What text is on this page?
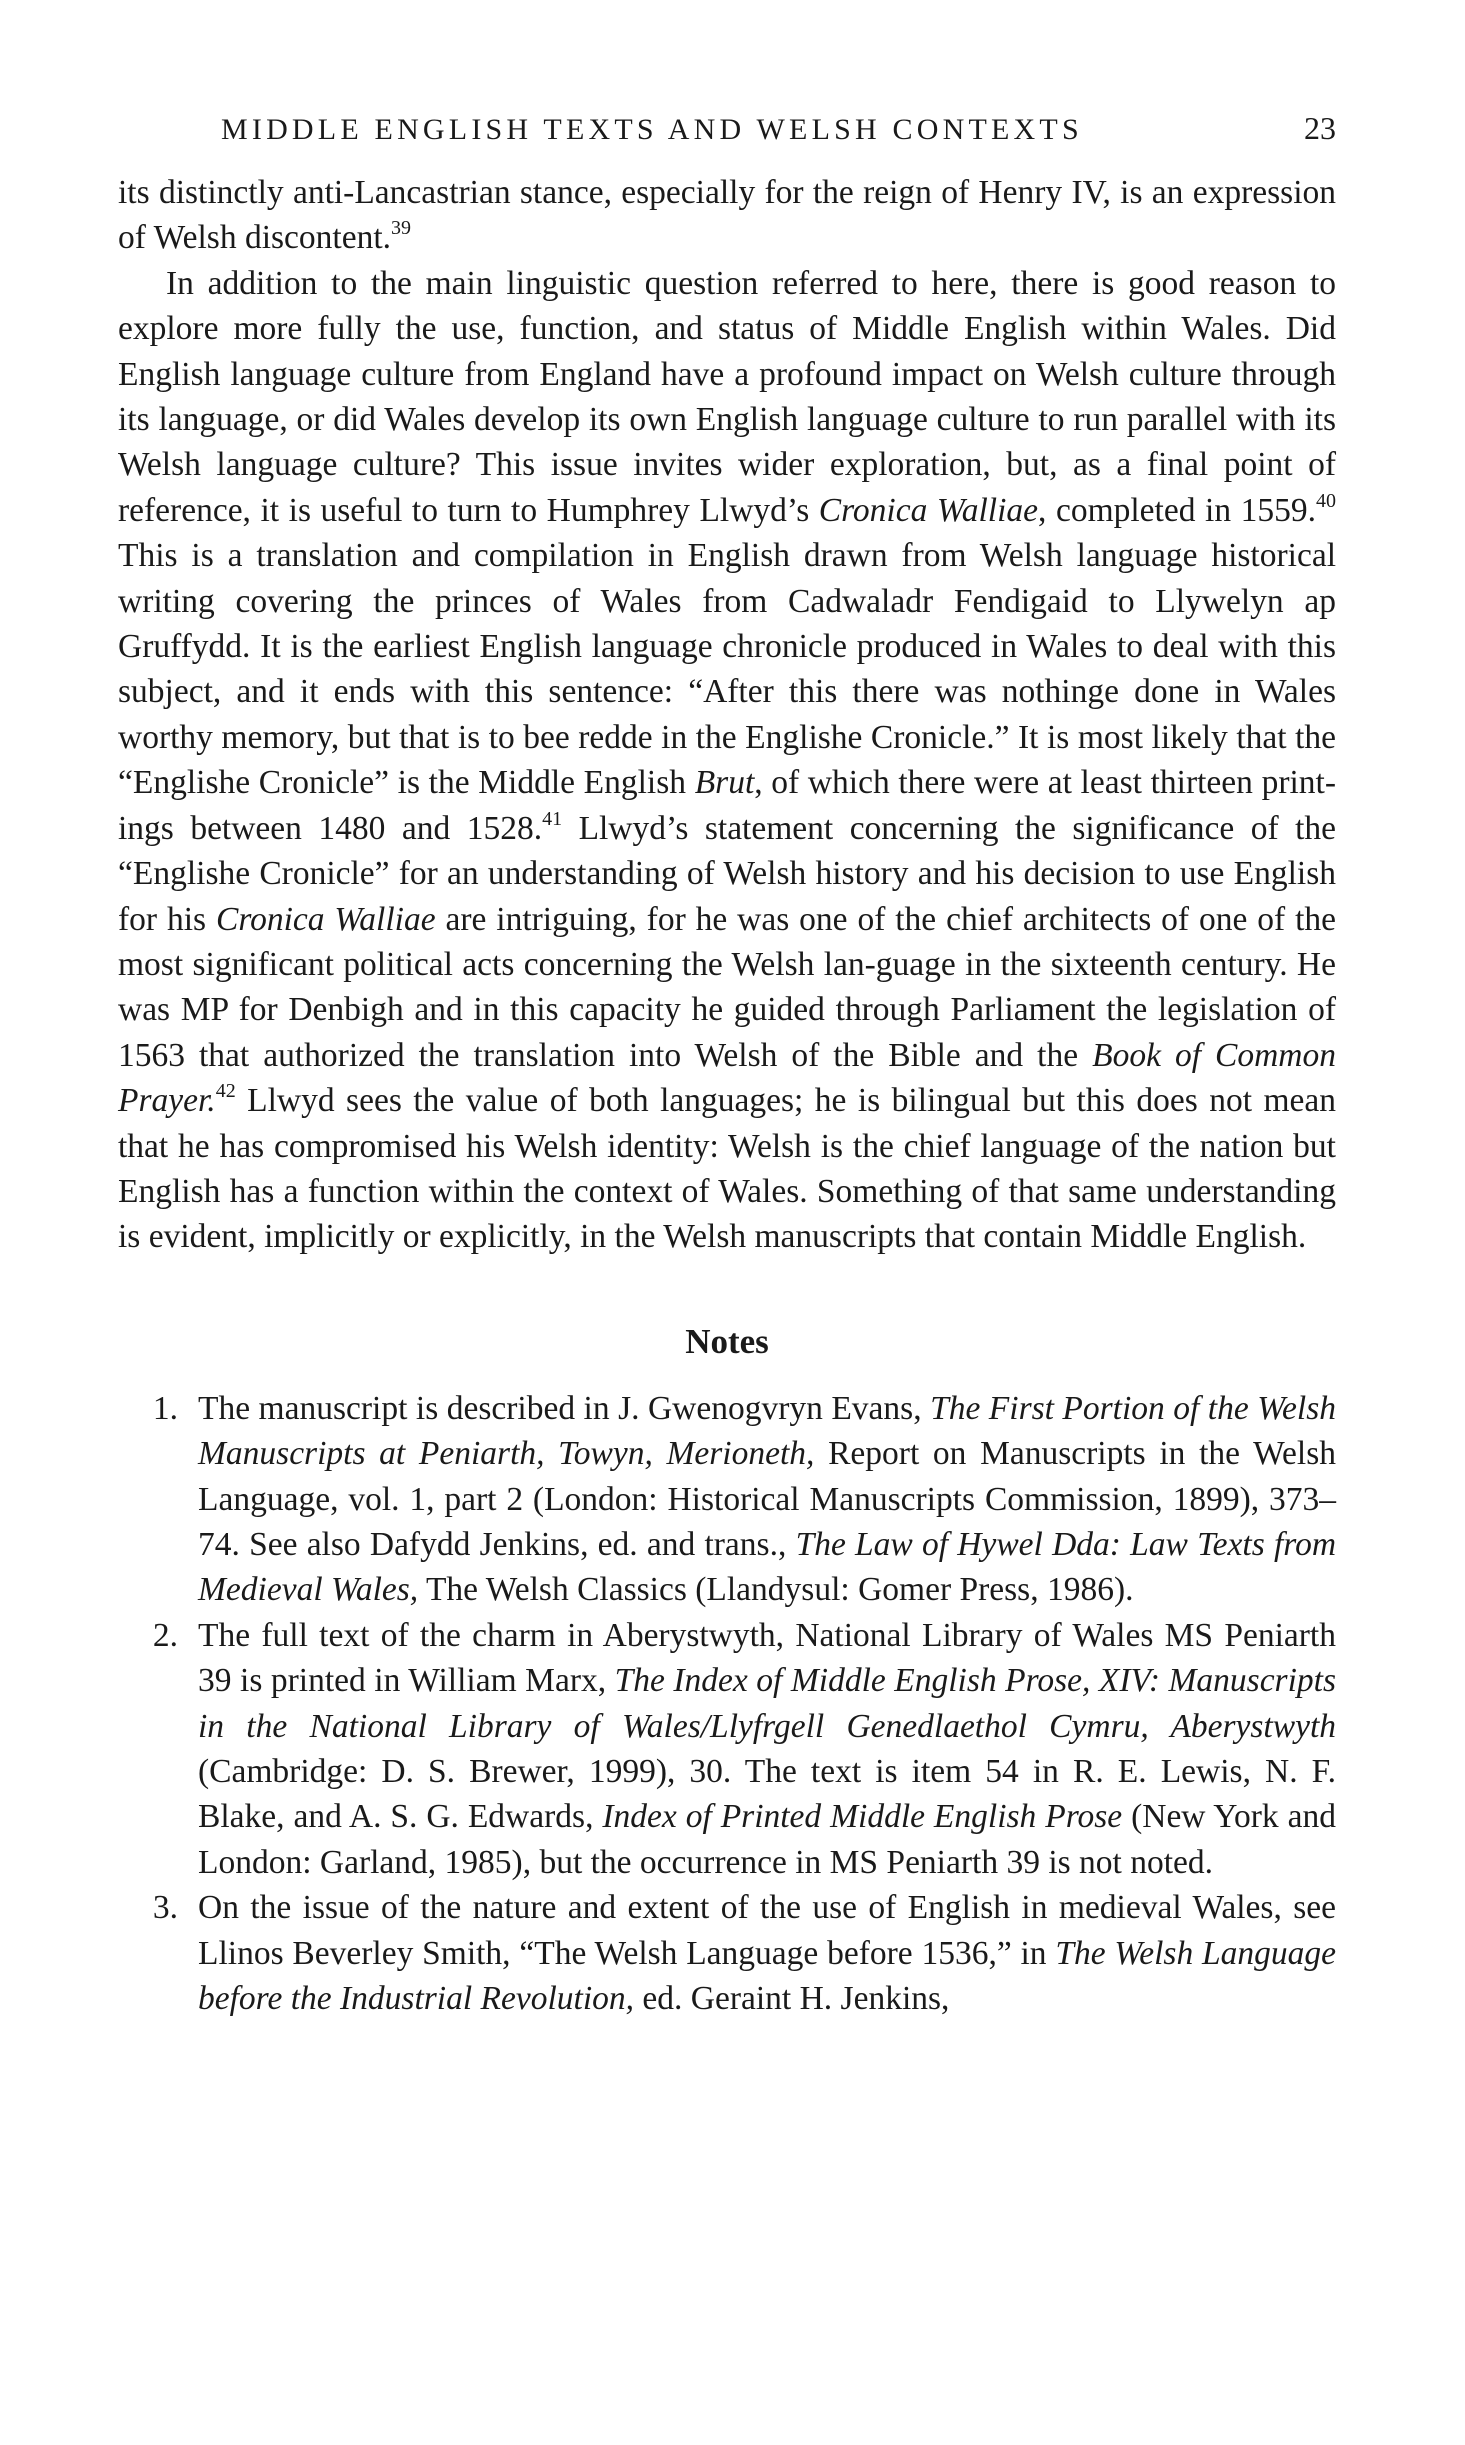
MIDDLE ENGLISH TEXTS AND WELSH CONTEXTS	23

its distinctly anti-Lancastrian stance, especially for the reign of Henry IV, is an expression of Welsh discontent.$^{39}$

In addition to the main linguistic question referred to here, there is good reason to explore more fully the use, function, and status of Middle English within Wales. Did English language culture from England have a profound impact on Welsh culture through its language, or did Wales develop its own English language culture to run parallel with its Welsh language culture? This issue invites wider exploration, but, as a final point of reference, it is useful to turn to Humphrey Llwyd’s Cronica Walliae, completed in 1559.40 This is a translation and compilation in English drawn from Welsh language historical writing covering the princes of Wales from Cadwaladr Fendigaid to Llywelyn ap Gruffydd. It is the earliest English language chronicle produced in Wales to deal with this subject, and it ends with this sentence: “After this there was nothinge done in Wales worthy memory, but that is to bee redde in the Englishe Cronicle.” It is most likely that the “Englishe Cronicle” is the Middle English Brut, of which there were at least thirteen print-ings between 1480 and 1528.41 Llwyd’s statement concerning the significance of the “Englishe Cronicle” for an understanding of Welsh history and his decision to use English for his Cronica Walliae are intriguing, for he was one of the chief architects of one of the most significant political acts concerning the Welsh lan-guage in the sixteenth century. He was MP for Denbigh and in this capacity he guided through Parliament the legislation of 1563 that authorized the translation into Welsh of the Bible and the Book of Common Prayer.$^{42}$ Llwyd sees the value of both languages; he is bilingual but this does not mean that he has compromised his Welsh identity: Welsh is the chief language of the nation but English has a function within the context of Wales. Something of that same understanding is evident, implicitly or explicitly, in the Welsh manuscripts that contain Middle English.

Notes
1. The manuscript is described in J. Gwenogvryn Evans, The First Portion of the Welsh Manuscripts at Peniarth, Towyn, Merioneth, Report on Manuscripts in the Welsh Language, vol. 1, part 2 (London: Historical Manuscripts Commission, 1899), 373–74. See also Dafydd Jenkins, ed. and trans., The Law of Hywel Dda: Law Texts from Medieval Wales, The Welsh Classics (Llandysul: Gomer Press, 1986).
2. The full text of the charm in Aberystwyth, National Library of Wales MS Peniarth 39 is printed in William Marx, The Index of Middle English Prose, XIV: Manuscripts in the National Library of Wales/Llyfrgell Genedlaethol Cymru, Aberystwyth (Cambridge: D. S. Brewer, 1999), 30. The text is item 54 in R. E. Lewis, N. F. Blake, and A. S. G. Edwards, Index of Printed Middle English Prose (New York and London: Garland, 1985), but the occurrence in MS Peniarth 39 is not noted.
3. On the issue of the nature and extent of the use of English in medieval Wales, see Llinos Beverley Smith, “The Welsh Language before 1536,” in The Welsh Language before the Industrial Revolution, ed. Geraint H. Jenkins,
